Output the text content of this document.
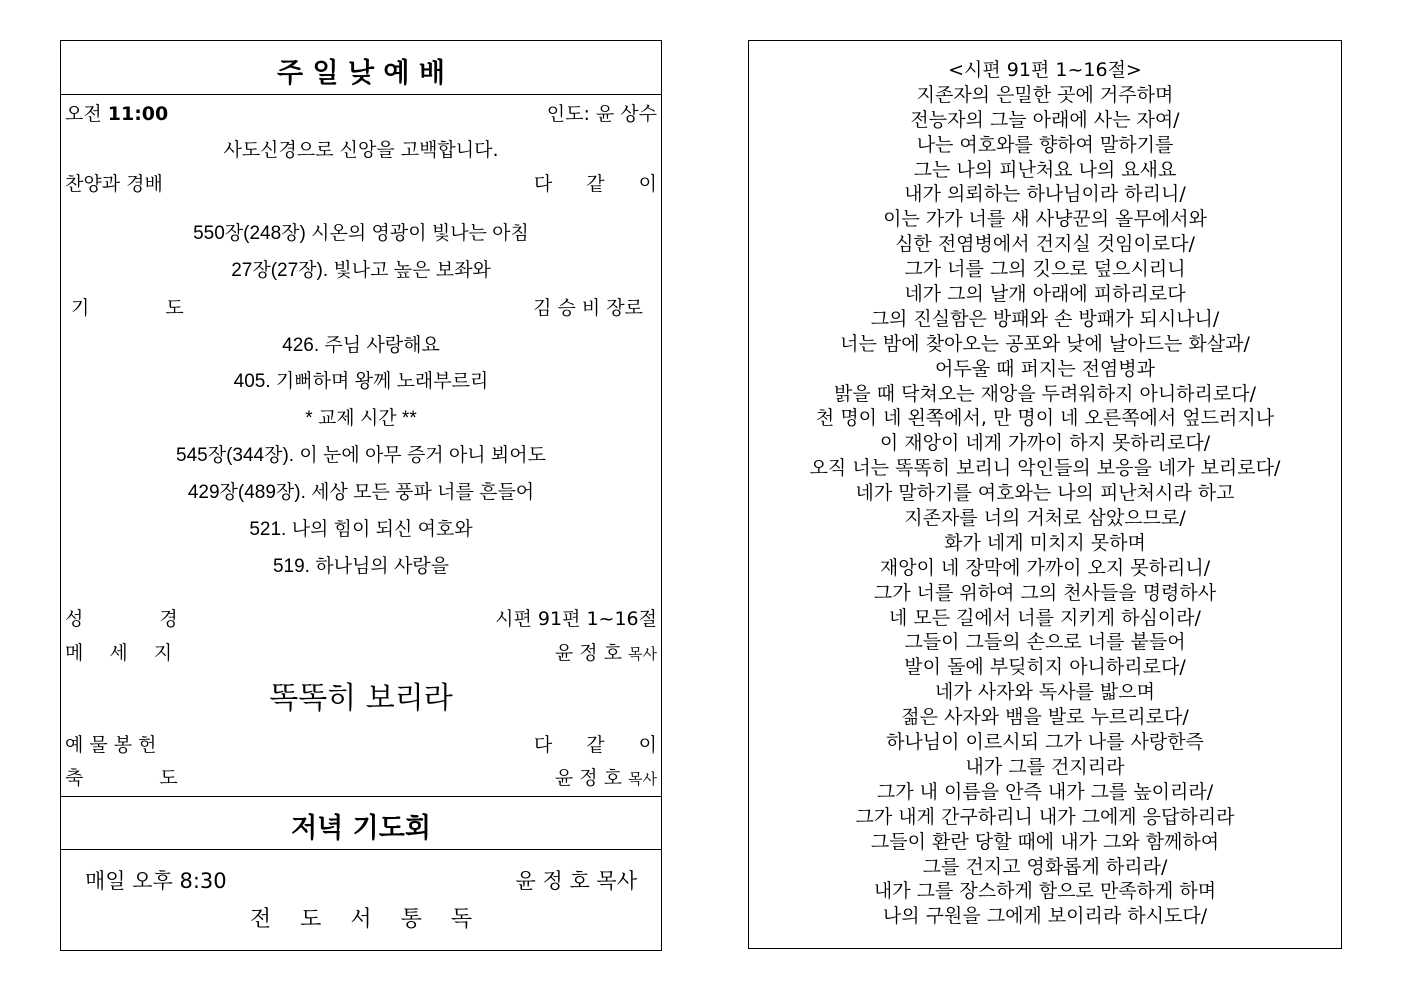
주 일 낮 예 배
오전 11:00	인도: 윤 상수
사도신경으로 신앙을 고백합니다.
찬양과 경배	다 같 이
550장(248장) 시온의 영광이 빛나는 아침
27장(27장). 빛나고 높은 보좌와
기 도	김 승 비 장로
426. 주님 사랑해요
405. 기뻐하며 왕께 노래부르리
* 교제 시간 **
545장(344장). 이 눈에 아무 증거 아니 뵈어도
429장(489장). 세상 모든 풍파 너를 흔들어
521. 나의 힘이 되신 여호와
519. 하나님의 사랑을
성 경	시편 91편 1~16절
메 세 지	윤 정 호 목사
똑똑히 보리라
예 물 봉 헌	다 같 이
축 도	윤 정 호 목사
저녁 기도회
매일 오후 8:30	윤 정 호 목사
전 도 서 통 독
<시편 91편 1~16절>
지존자의 은밀한 곳에 거주하며
전능자의 그늘 아래에 사는 자여/
나는 여호와를 향하여 말하기를
그는 나의 피난처요 나의 요새요
내가 의뢰하는 하나님이라 하리니/
이는 가가 너를 새 사냥꾼의 올무에서와
심한 전염병에서 건지실 것임이로다/
그가 너를 그의 깃으로 덮으시리니
네가 그의 날개 아래에 피하리로다
그의 진실함은 방패와 손 방패가 되시나니/
너는 밤에 찾아오는 공포와 낮에 날아드는 화살과/
어두울 때 퍼지는 전염병과
밝을 때 닥쳐오는 재앙을 두려워하지 아니하리로다/
천 명이 네 왼쪽에서, 만 명이 네 오른쪽에서 엎드러지나
이 재앙이 네게 가까이 하지 못하리로다/
오직 너는 똑똑히 보리니 악인들의 보응을 네가 보리로다/
네가 말하기를 여호와는 나의 피난처시라 하고
지존자를 너의 거처로 삼았으므로/
화가 네게 미치지 못하며
재앙이 네 장막에 가까이 오지 못하리니/
그가 너를 위하여 그의 천사들을 명령하사
네 모든 길에서 너를 지키게 하심이라/
그들이 그들의 손으로 너를 붙들어
발이 돌에 부딪히지 아니하리로다/
네가 사자와 독사를 밟으며
젊은 사자와 뱀을 발로 누르리로다/
하나님이 이르시되 그가 나를 사랑한즉
내가 그를 건지리라
그가 내 이름을 안즉 내가 그를 높이리라/
그가 내게 간구하리니 내가 그에게 응답하리라
그들이 환란 당할 때에 내가 그와 함께하여
그를 건지고 영화롭게 하리라/
내가 그를 장스하게 함으로 만족하게 하며
나의 구원을 그에게 보이리라 하시도다/
